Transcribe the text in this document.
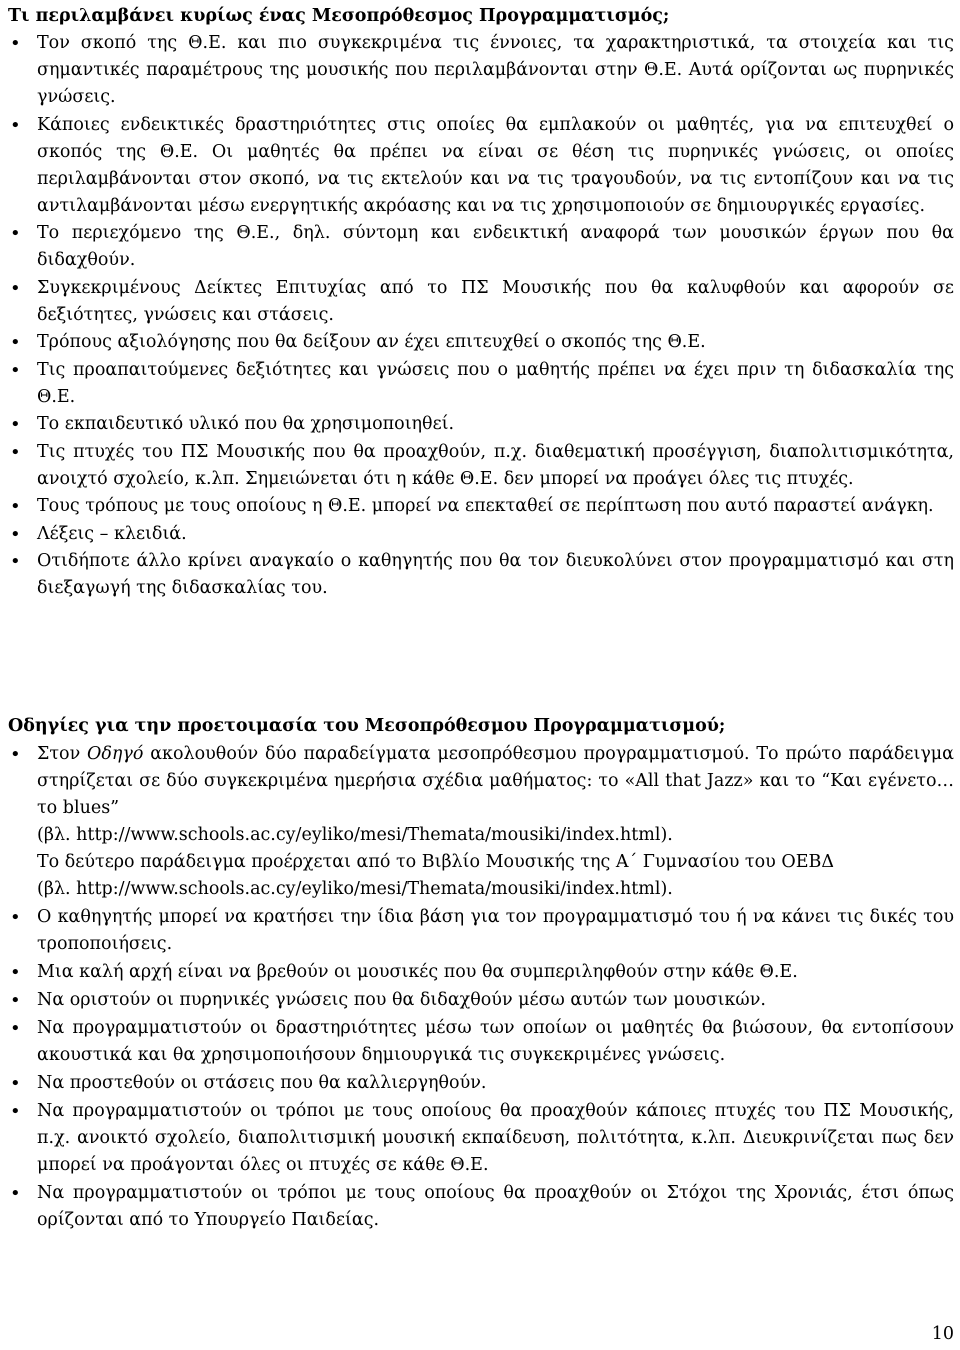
Τι περιλαμβάνει κυρίως ένας Μεσοπρόθεσμος Προγραμματισμός;
• Τον σκοπό της Θ.Ε. και πιο συγκεκριμένα τις έννοιες, τα χαρακτηριστικά, τα στοιχεία και τις σημαντικές παραμέτρους της μουσικής που περιλαμβάνονται στην Θ.Ε. Αυτά ορίζονται ως πυρηνικές γνώσεις.
• Κάποιες ενδεικτικές δραστηριότητες στις οποίες θα εμπλακούν οι μαθητές, για να επιτευχθεί ο σκοπός της Θ.Ε. Οι μαθητές θα πρέπει να είναι σε θέση τις πυρηνικές γνώσεις, οι οποίες περιλαμβάνονται στον σκοπό, να τις εκτελούν και να τις τραγουδούν, να τις εντοπίζουν και να τις αντιλαμβάνονται μέσω ενεργητικής ακρόασης και να τις χρησιμοποιούν σε δημιουργικές εργασίες.
• Το περιεχόμενο της Θ.Ε., δηλ. σύντομη και ενδεικτική αναφορά των μουσικών έργων που θα διδαχθούν.
• Συγκεκριμένους Δείκτες Επιτυχίας από το ΠΣ Μουσικής που θα καλυφθούν και αφορούν σε δεξιότητες, γνώσεις και στάσεις.
• Τρόπους αξιολόγησης που θα δείξουν αν έχει επιτευχθεί ο σκοπός της Θ.Ε.
• Τις προαπαιτούμενες δεξιότητες και γνώσεις που ο μαθητής πρέπει να έχει πριν τη διδασκαλία της Θ.Ε.
• Το εκπαιδευτικό υλικό που θα χρησιμοποιηθεί.
• Τις πτυχές του ΠΣ Μουσικής που θα προαχθούν, π.χ. διαθεματική προσέγγιση, διαπολιτισμικότητα, ανοιχτό σχολείο, κ.λπ. Σημειώνεται ότι η κάθε Θ.Ε. δεν μπορεί να προάγει όλες τις πτυχές.
• Τους τρόπους με τους οποίους η Θ.Ε. μπορεί να επεκταθεί σε περίπτωση που αυτό παραστεί ανάγκη.
• Λέξεις – κλειδιά.
• Οτιδήποτε άλλο κρίνει αναγκαίο ο καθηγητής που θα τον διευκολύνει στον προγραμματισμό και στη διεξαγωγή της διδασκαλίας του.
Οδηγίες για την προετοιμασία του Μεσοπρόθεσμου Προγραμματισμού;
• Στον Οδηγό ακολουθούν δύο παραδείγματα μεσοπρόθεσμου προγραμματισμού. Το πρώτο παράδειγμα στηρίζεται σε δύο συγκεκριμένα ημερήσια σχέδια μαθήματος: το «All that Jazz» και το “Και εγένετο…το blues”
(βλ. http://www.schools.ac.cy/eyliko/mesi/Themata/mousiki/index.html).
Το δεύτερο παράδειγμα προέρχεται από το Βιβλίο Μουσικής της Α΄ Γυμνασίου του ΟΕΒΔ
(βλ. http://www.schools.ac.cy/eyliko/mesi/Themata/mousiki/index.html).
• Ο καθηγητής μπορεί να κρατήσει την ίδια βάση για τον προγραμματισμό του ή να κάνει τις δικές του τροποποιήσεις.
• Μια καλή αρχή είναι να βρεθούν οι μουσικές που θα συμπεριληφθούν στην κάθε Θ.Ε.
• Να οριστούν οι πυρηνικές γνώσεις που θα διδαχθούν μέσω αυτών των μουσικών.
• Να προγραμματιστούν οι δραστηριότητες μέσω των οποίων οι μαθητές θα βιώσουν, θα εντοπίσουν ακουστικά και θα χρησιμοποιήσουν δημιουργικά τις συγκεκριμένες γνώσεις.
• Να προστεθούν οι στάσεις που θα καλλιεργηθούν.
• Να προγραμματιστούν οι τρόποι με τους οποίους θα προαχθούν κάποιες πτυχές του ΠΣ Μουσικής, π.χ. ανοικτό σχολείο, διαπολιτισμική μουσική εκπαίδευση, πολιτότητα, κ.λπ. Διευκρινίζεται πως δεν μπορεί να προάγονται όλες οι πτυχές σε κάθε Θ.Ε.
• Να προγραμματιστούν οι τρόποι με τους οποίους θα προαχθούν οι Στόχοι της Χρονιάς, έτσι όπως ορίζονται από το Υπουργείο Παιδείας.
10
